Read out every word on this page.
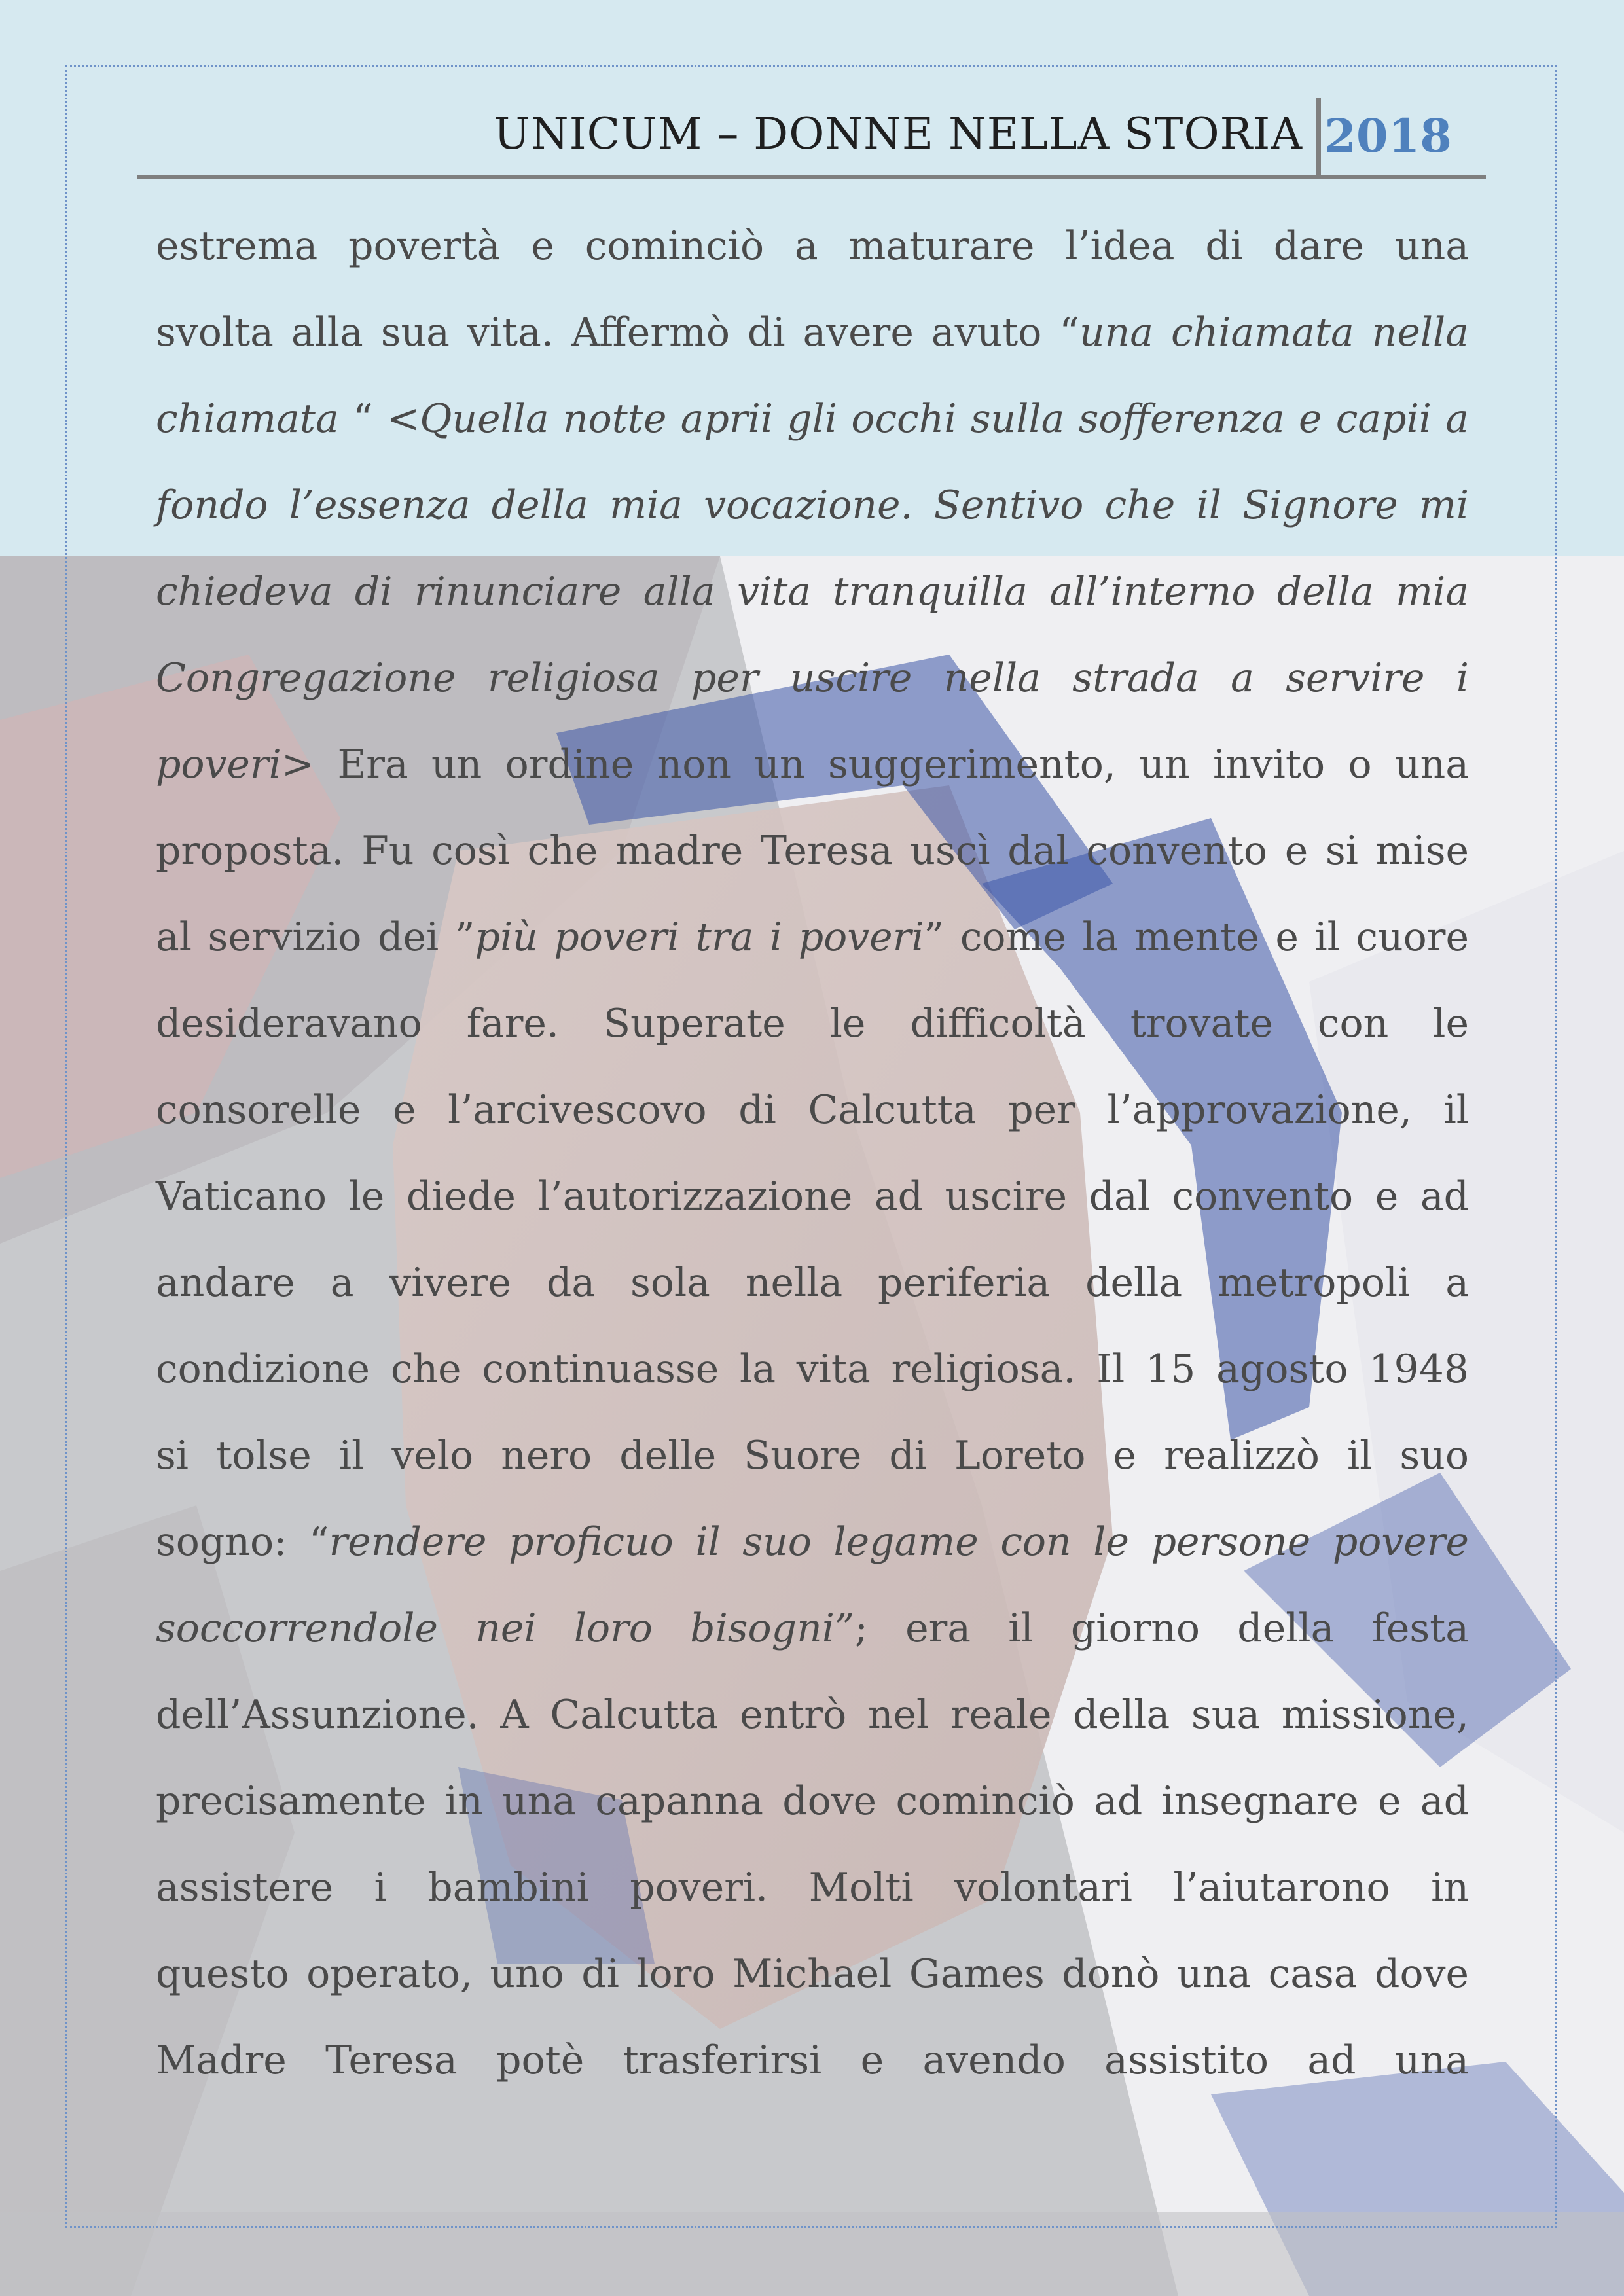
UNICUM – DONNE NELLA STORIA 2018
estrema povertà e cominciò a maturare l’idea di dare una
svolta alla sua vita. Affermò di avere avuto “una chiamata nella
chiamata “ <Quella notte aprii gli occhi sulla sofferenza e capii a
fondo l’essenza della mia vocazione. Sentivo che il Signore mi
chiedeva di rinunciare alla vita tranquilla all’interno della mia
Congregazione religiosa per uscire nella strada a servire i
poveri> Era un ordine non un suggerimento, un invito o una
proposta. Fu così che madre Teresa uscì dal convento e si mise
al servizio dei ”più poveri tra i poveri” come la mente e il cuore
desideravano fare. Superate le difficoltà trovate con le
consorelle e l’arcivescovo di Calcutta per l’approvazione, il
Vaticano le diede l’autorizzazione ad uscire dal convento e ad
andare a vivere da sola nella periferia della metropoli a
condizione che continuasse la vita religiosa. Il 15 agosto 1948
si tolse il velo nero delle Suore di Loreto e realizzò il suo
sogno: “rendere proficuo il suo legame con le persone povere
soccorrendole nei loro bisogni”; era il giorno della festa
dell’Assunzione. A Calcutta entrò nel reale della sua missione,
precisamente in una capanna dove cominciò ad insegnare e ad
assistere i bambini poveri. Molti volontari l’aiutarono in
questo operato, uno di loro Michael Games donò una casa dove
Madre Teresa potè trasferirsi e avendo assistito ad una
